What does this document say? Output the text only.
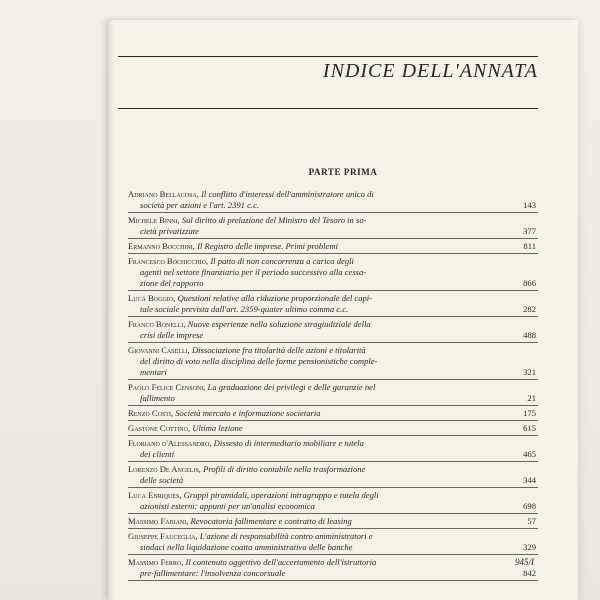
INDICE DELL'ANNATA
PARTE PRIMA
Adriano Bellacosa, Il conflitto d'interessi dell'amministratore unico di
società per azioni e l'art. 2391 c.c.	143
Michele Binni, Sul diritto di prelazione del Ministro del Tesoro in so-
cietà privatizzate	377
Ermanno Bocchini, Il Registro delle imprese. Primi problemi	811
Francesco Bochicchio, Il patto di non concorrenza a carico degli
agenti nel settore finanziario per il periodo successivo alla cessa-
zione del rapporto	866
Luca Boggio, Questioni relative alla riduzione proporzionale del capi-
tale sociale prevista dall'art. 2359-quater ultimo comma c.c.	282
Franco Bonelli, Nuove esperienze nella soluzione stragiudiziale della
crisi delle imprese	488
Giovanni Caselli, Dissociazione fra titolarità delle azioni e titolarità
del diritto di voto nella disciplina delle forme pensionistiche comple-
mentari	321
Paolo Felice Censoni, La graduazione dei privilegi e delle garanzie nel
fallimento	21
Renzo Costi, Società mercato e informazione societaria	175
Gastone Cottino, Ultima lezione	615
Floriano d'Alessandro, Dissesto di intermediario mobiliare e tutela
dei clienti	465
Lorenzo De Angelis, Profili di diritto contabile nella trasformazione
delle società	344
Luca Enriques, Gruppi piramidali, operazioni intragruppo e tutela degli
azionisti esterni: appunti per un'analisi economica	698
Massimo Fabiani, Revocatoria fallimentare e contratto di leasing	57
Giuseppe Fauceglia, L'azione di responsabilità contro amministratori e
sindaci nella liquidazione coatta amministrativa delle banche	329
Massimo Ferro, Il contenuto oggettivo dell'accertamento dell'istruttoria
pre-fallimentare: l'insolvenza concorsuale	842
945/I
